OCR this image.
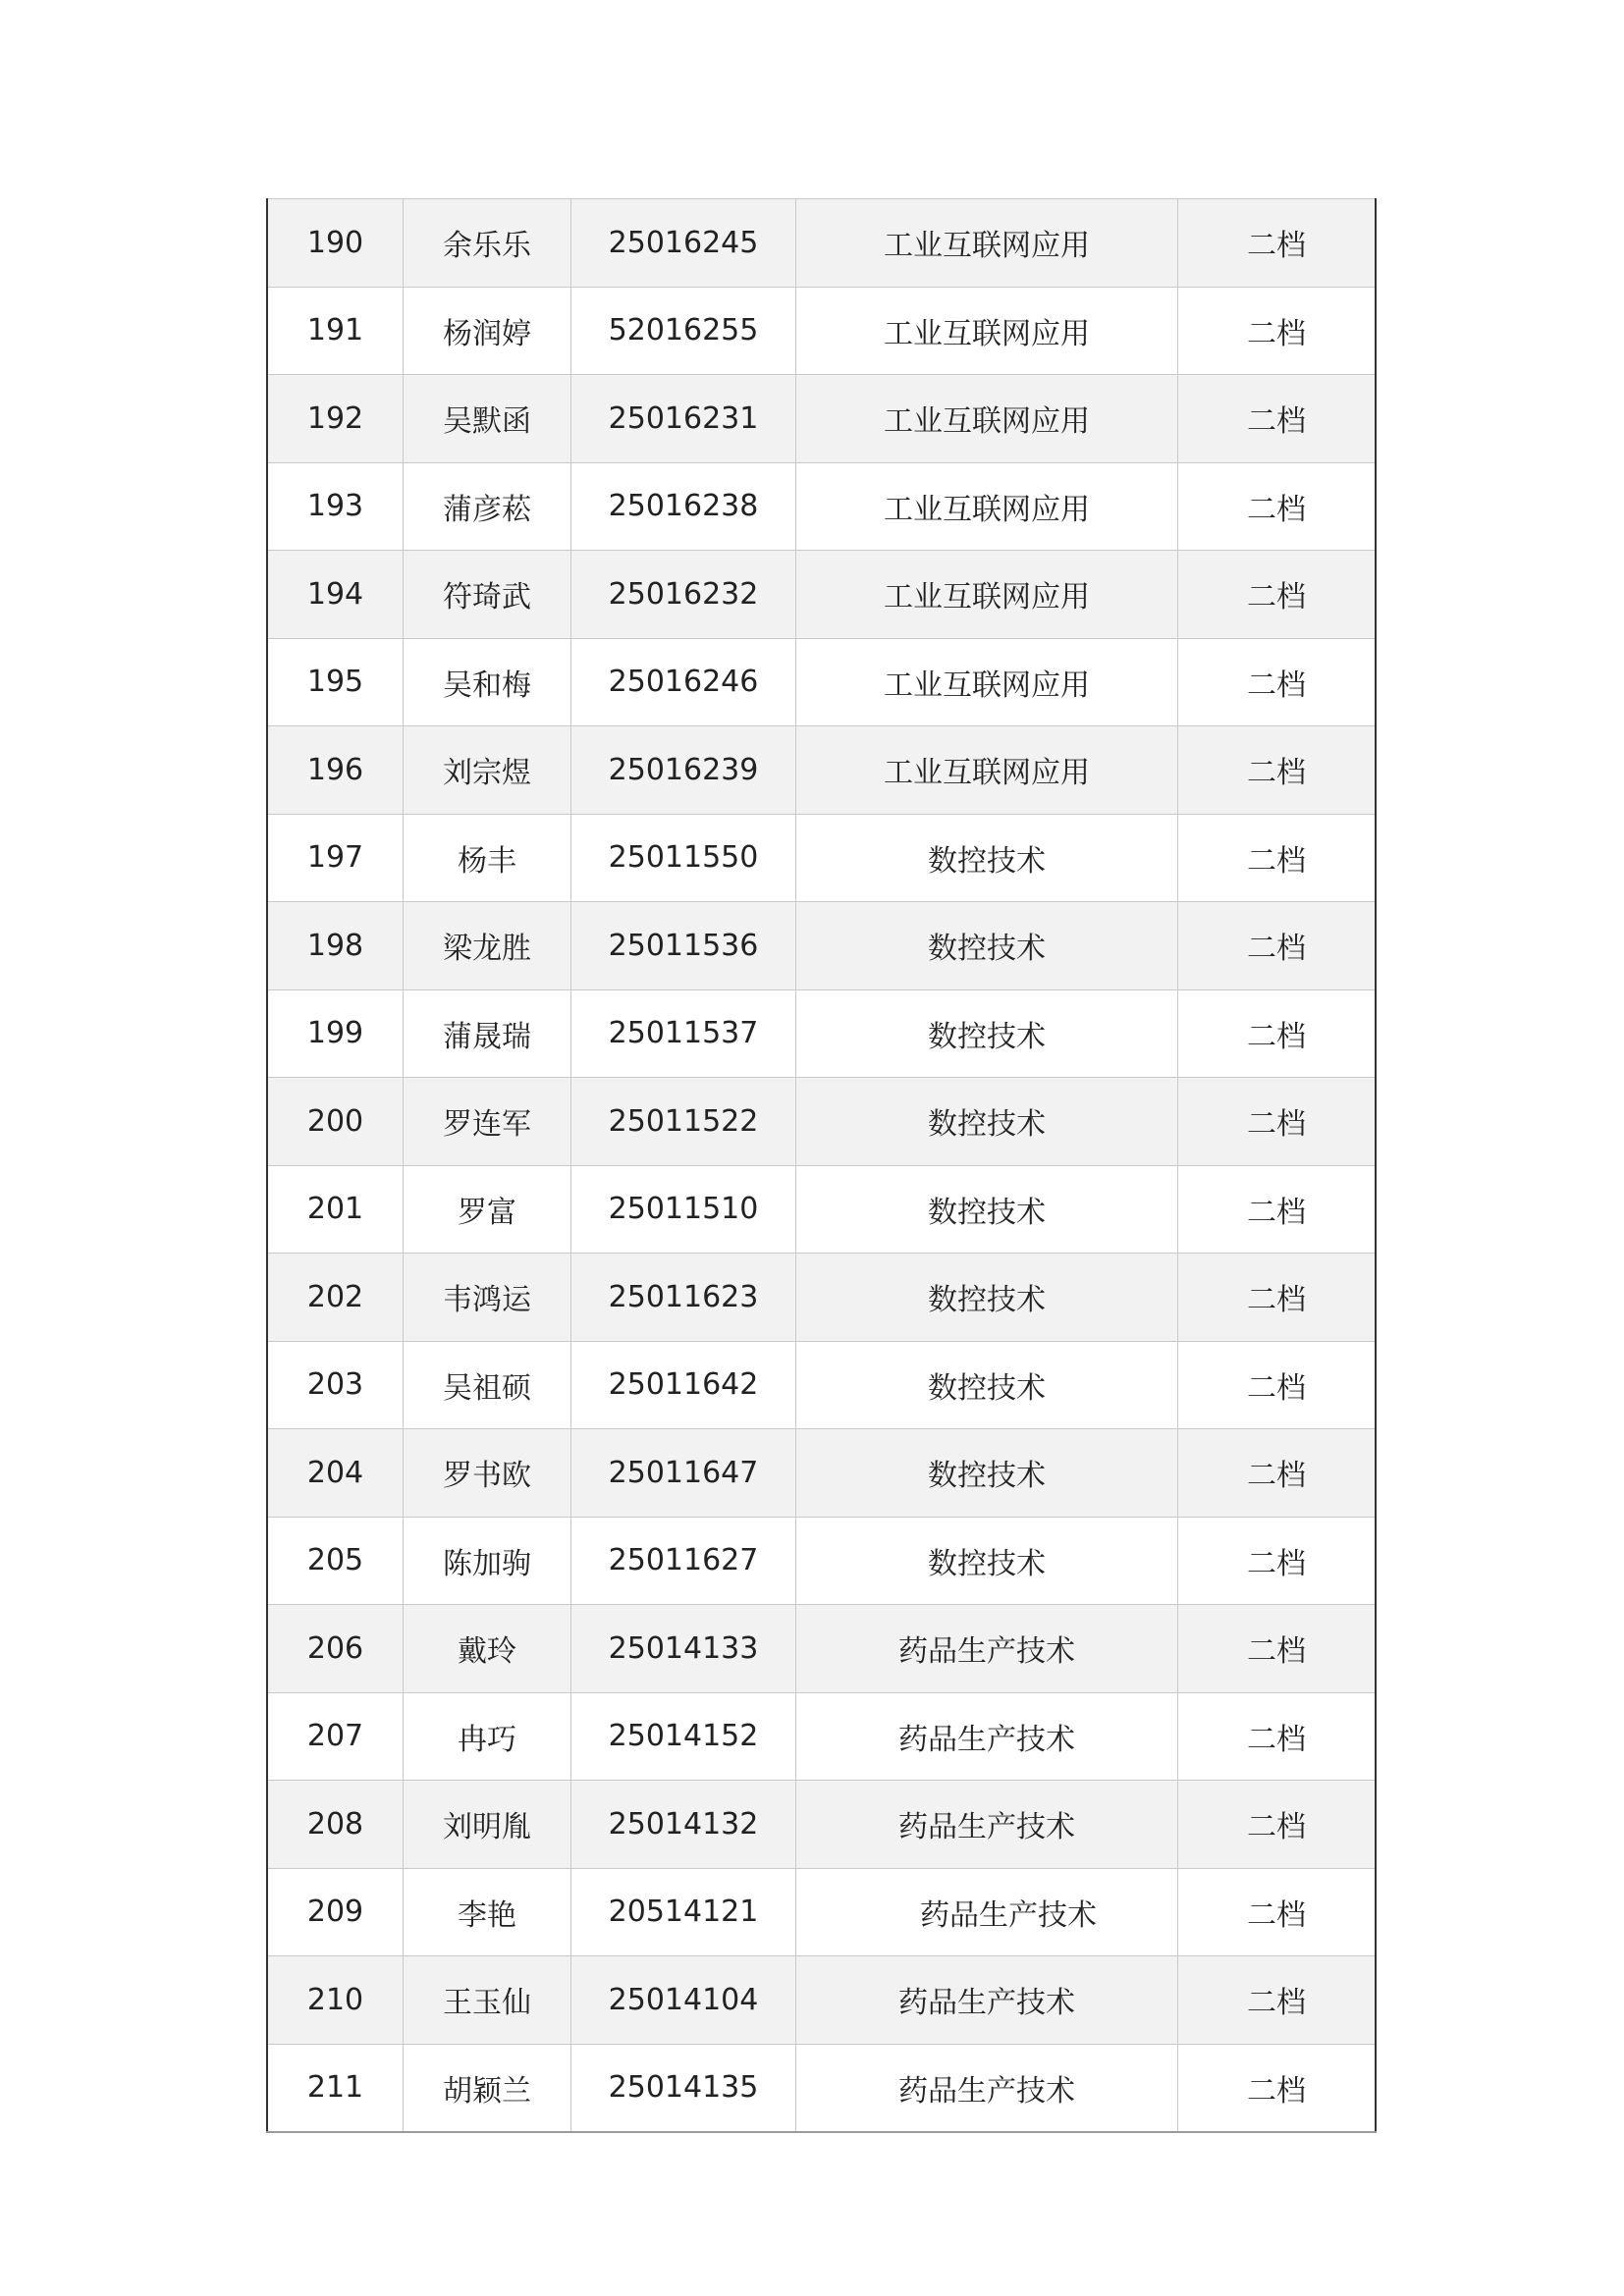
190	余乐乐	25016245	工业互联网应用	二档
191	杨润婷	52016255	工业互联网应用	二档
192	吴默函	25016231	工业互联网应用	二档
193	蒲彦菘	25016238	工业互联网应用	二档
194	符琦武	25016232	工业互联网应用	二档
195	吴和梅	25016246	工业互联网应用	二档
196	刘宗煜	25016239	工业互联网应用	二档
197	杨丰	25011550	数控技术	二档
198	梁龙胜	25011536	数控技术	二档
199	蒲晟瑞	25011537	数控技术	二档
200	罗连军	25011522	数控技术	二档
201	罗富	25011510	数控技术	二档
202	韦鸿运	25011623	数控技术	二档
203	吴祖硕	25011642	数控技术	二档
204	罗书欧	25011647	数控技术	二档
205	陈加驹	25011627	数控技术	二档
206	戴玲	25014133	药品生产技术	二档
207	冉巧	25014152	药品生产技术	二档
208	刘明胤	25014132	药品生产技术	二档
209	李艳	20514121	药品生产技术	二档
210	王玉仙	25014104	药品生产技术	二档
211	胡颖兰	25014135	药品生产技术	二档
